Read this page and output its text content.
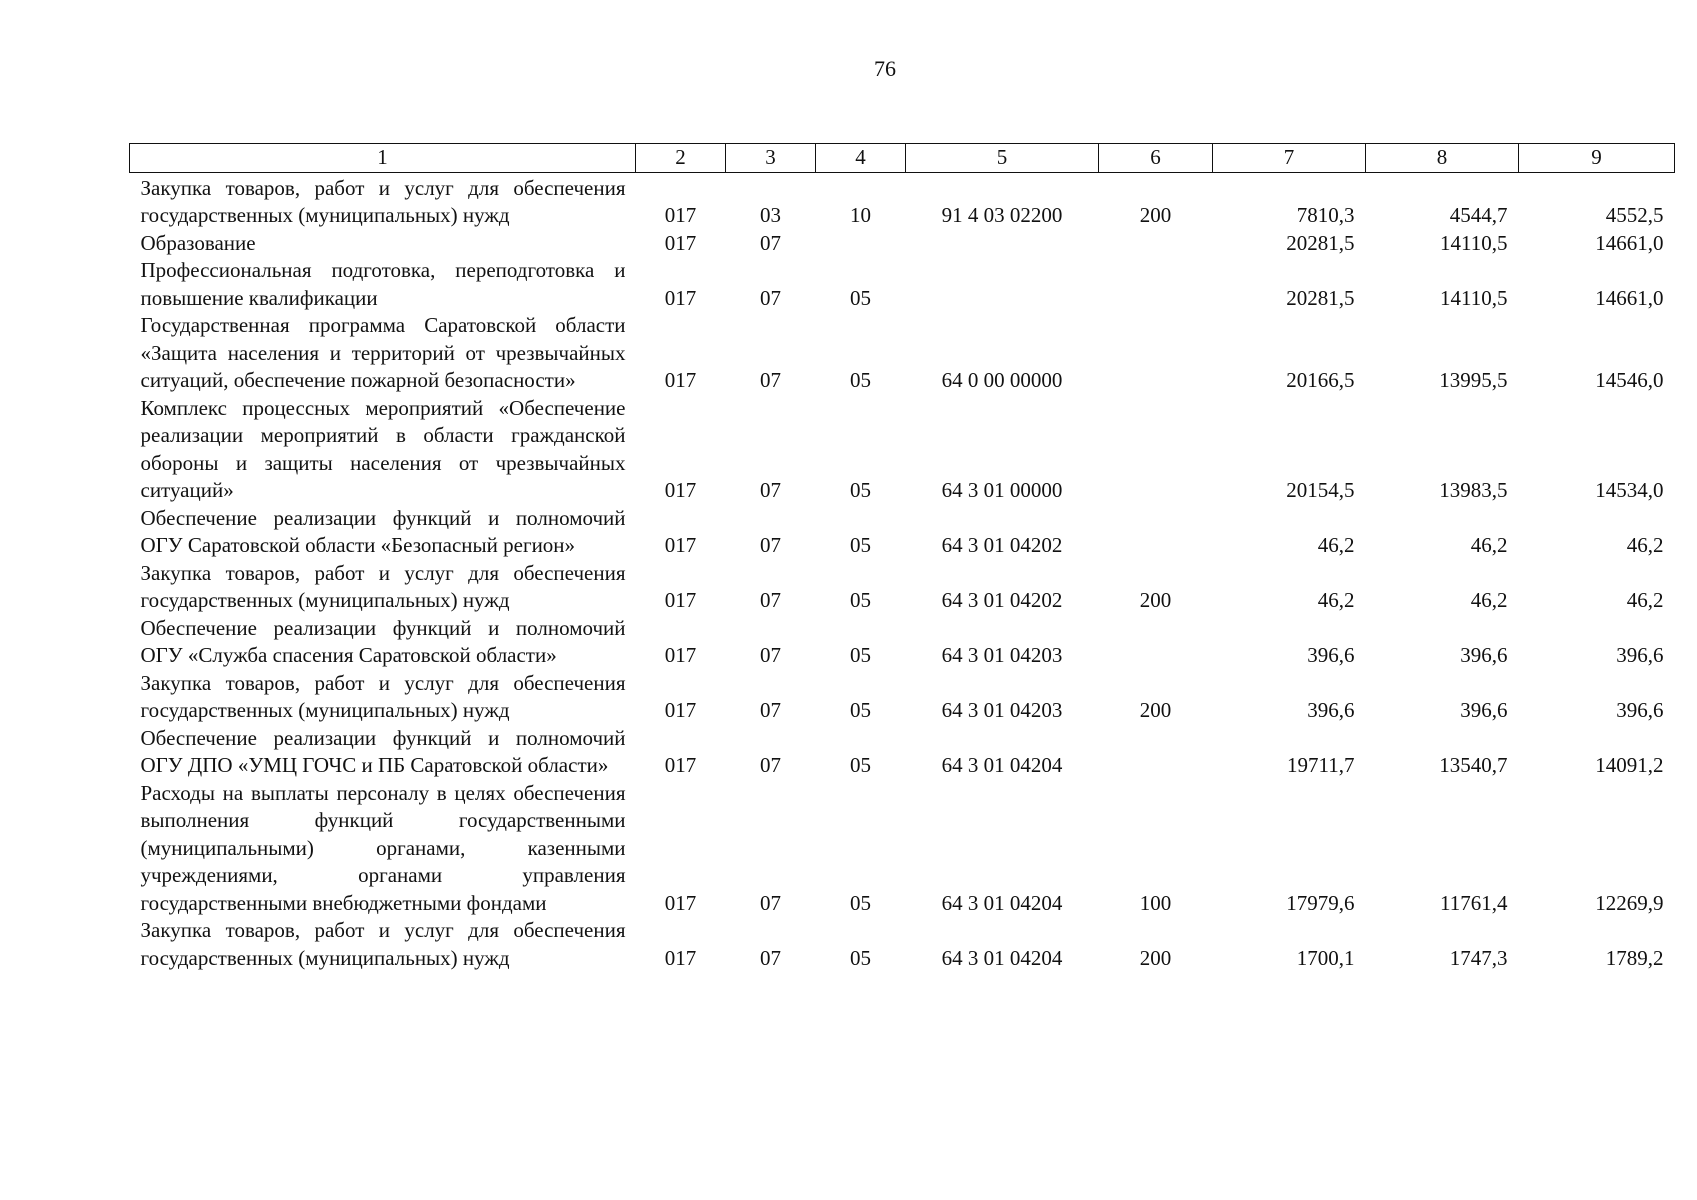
76
1	2	3	4	5	6	7	8	9
Закупка товаров, работ и услуг для обеспечения государственных (муниципальных) нужд	017	03	10	91 4 03 02200	200	7810,3	4544,7	4552,5
Образование	017	07				20281,5	14110,5	14661,0
Профессиональная подготовка, переподготовка и повышение квалификации	017	07	05			20281,5	14110,5	14661,0
Государственная программа Саратовской области «Защита населения и территорий от чрезвычайных ситуаций, обеспечение пожарной безопасности»	017	07	05	64 0 00 00000		20166,5	13995,5	14546,0
Комплекс процессных мероприятий «Обеспечение реализации мероприятий в области гражданской обороны и защиты населения от чрезвычайных ситуаций»	017	07	05	64 3 01 00000		20154,5	13983,5	14534,0
Обеспечение реализации функций и полномочий ОГУ Саратовской области «Безопасный регион»	017	07	05	64 3 01 04202		46,2	46,2	46,2
Закупка товаров, работ и услуг для обеспечения государственных (муниципальных) нужд	017	07	05	64 3 01 04202	200	46,2	46,2	46,2
Обеспечение реализации функций и полномочий ОГУ «Служба спасения Саратовской области»	017	07	05	64 3 01 04203		396,6	396,6	396,6
Закупка товаров, работ и услуг для обеспечения государственных (муниципальных) нужд	017	07	05	64 3 01 04203	200	396,6	396,6	396,6
Обеспечение реализации функций и полномочий ОГУ ДПО «УМЦ ГОЧС и ПБ Саратовской области»	017	07	05	64 3 01 04204		19711,7	13540,7	14091,2
Расходы на выплаты персоналу в целях обеспечения выполнения функций государственными (муниципальными) органами, казенными учреждениями, органами управления государственными внебюджетными фондами	017	07	05	64 3 01 04204	100	17979,6	11761,4	12269,9
Закупка товаров, работ и услуг для обеспечения государственных (муниципальных) нужд	017	07	05	64 3 01 04204	200	1700,1	1747,3	1789,2
